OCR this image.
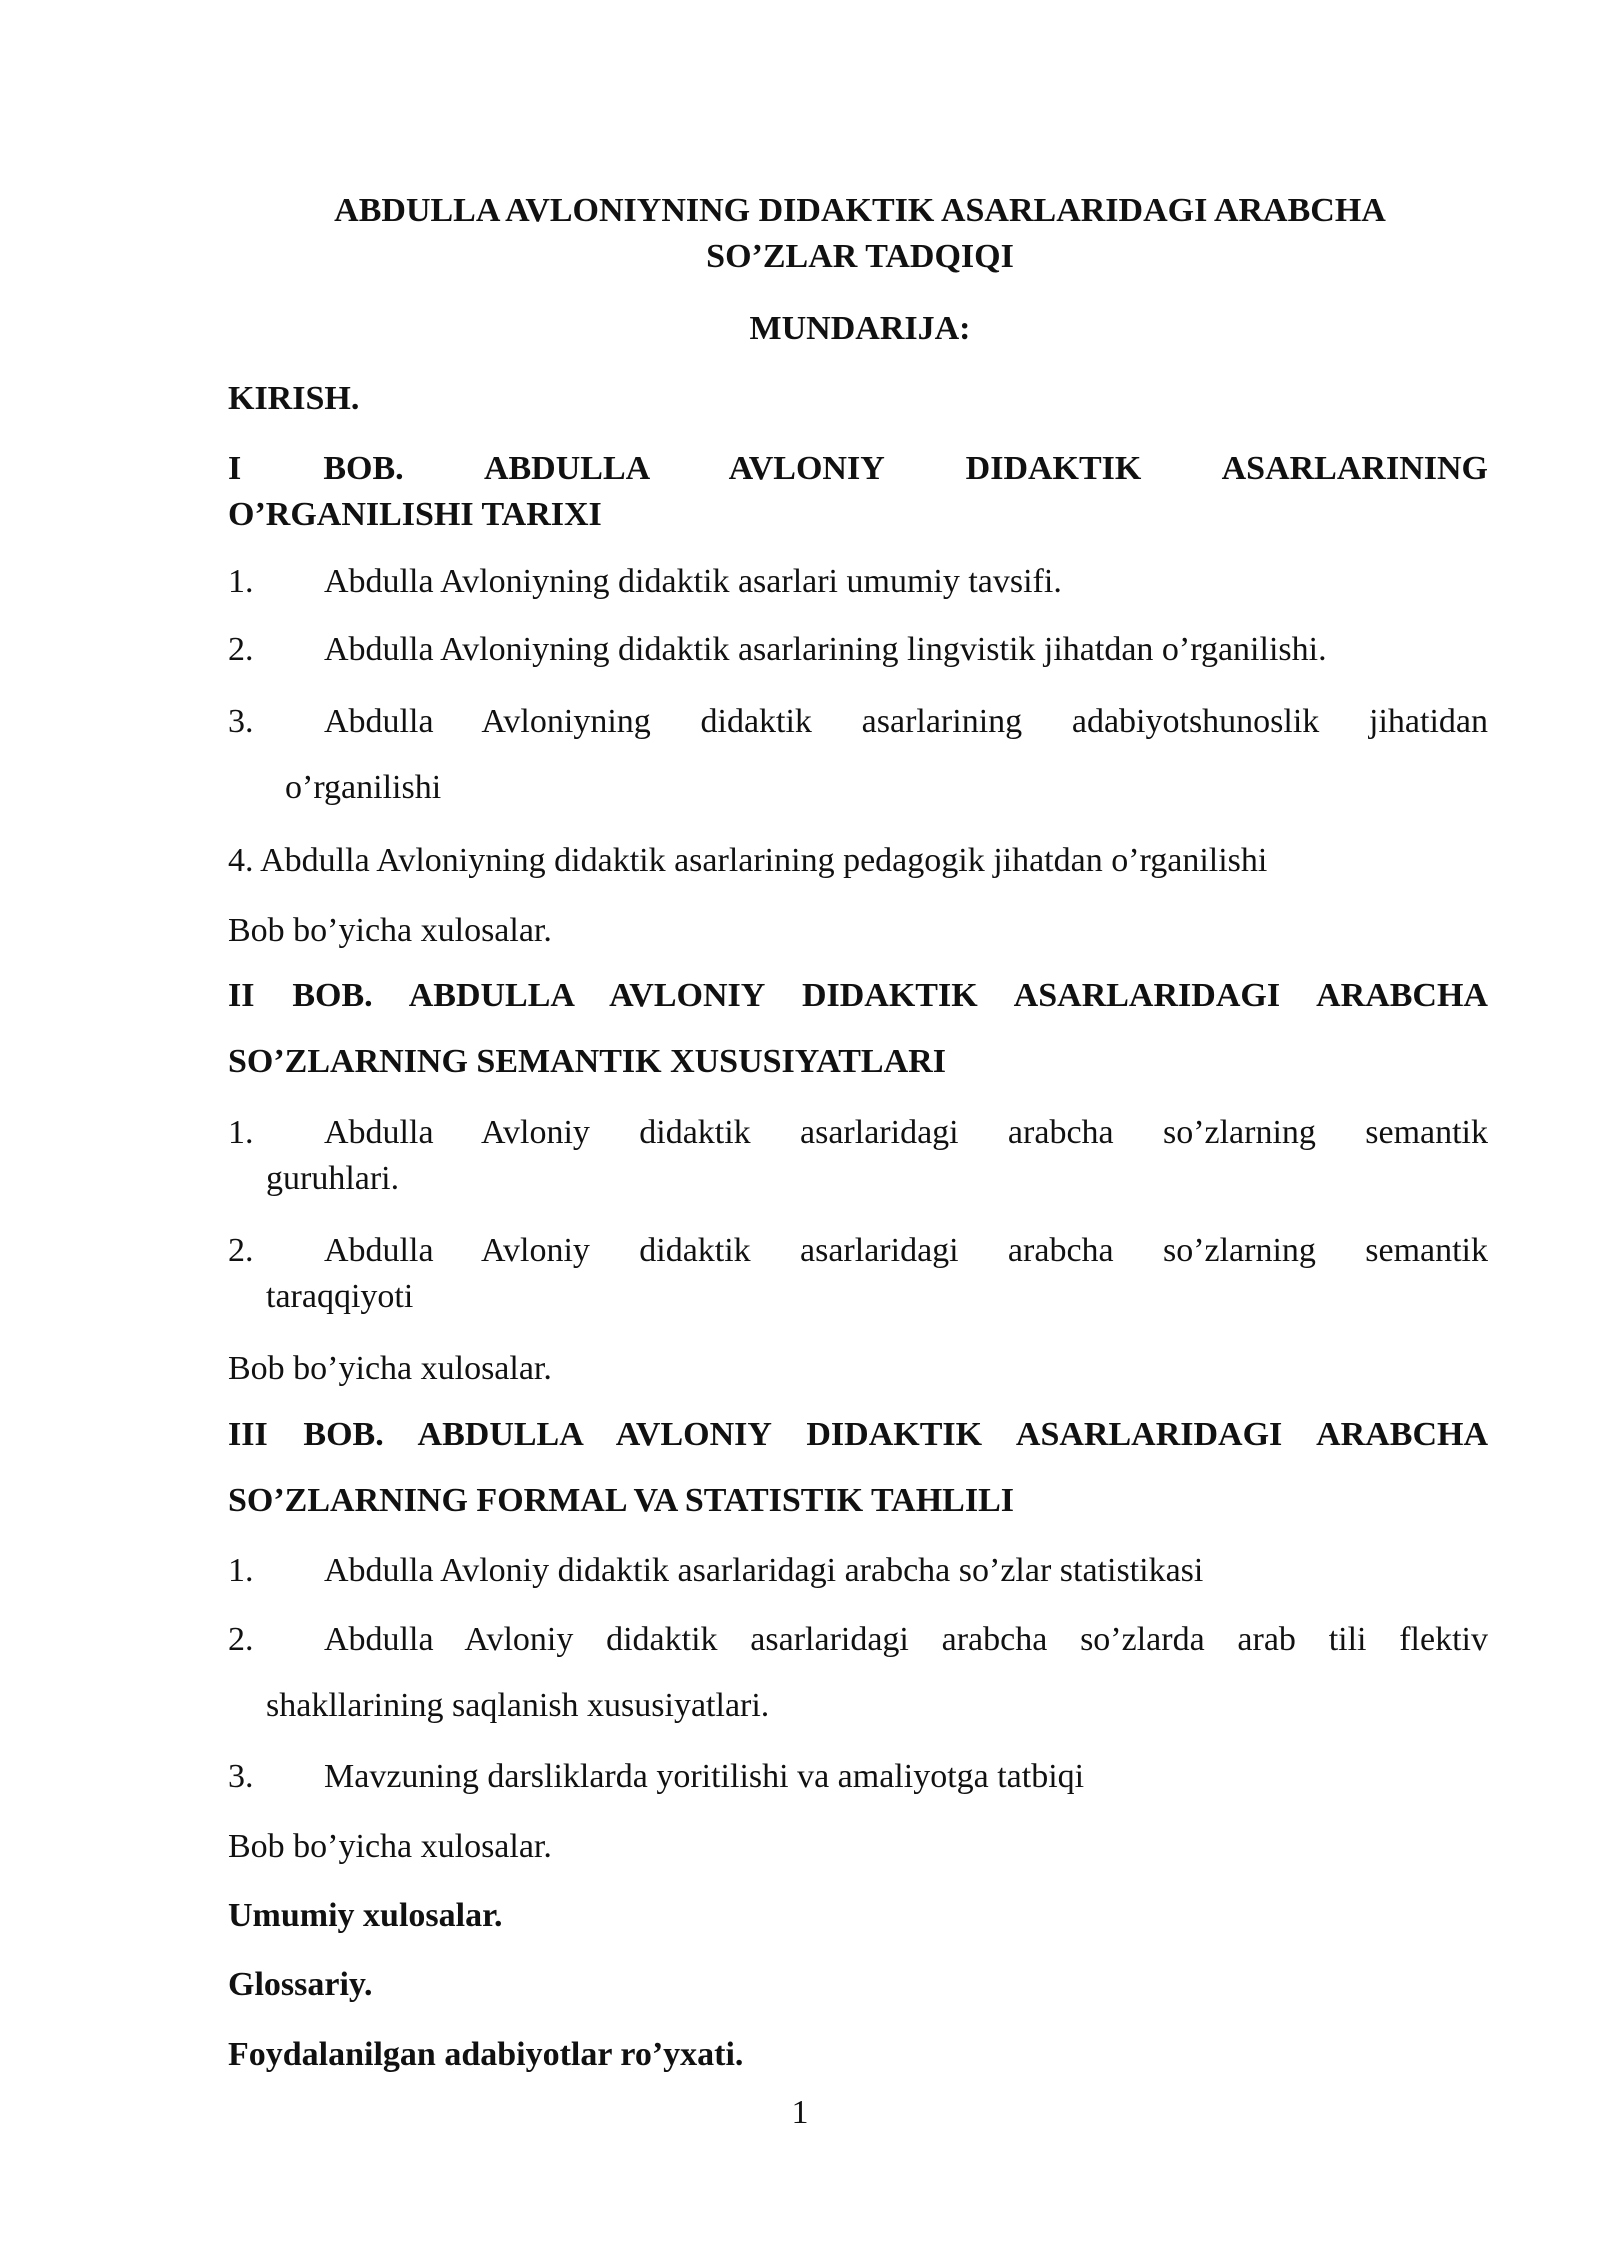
ABDULLA AVLONIYNING DIDAKTIK ASARLARIDAGI ARABCHA
SO’ZLAR TADQIQI
MUNDARIJA:
KIRISH.
I BOB. ABDULLA AVLONIY DIDAKTIK ASARLARINING
O’RGANILISHI TARIXI
1.	Abdulla Avloniyning didaktik asarlari umumiy tavsifi.
2.	Abdulla Avloniyning didaktik asarlarining lingvistik jihatdan o’rganilishi.
3.	Abdulla Avloniyning didaktik asarlarining adabiyotshunoslik jihatidan
o’rganilishi
4. Abdulla Avloniyning didaktik asarlarining pedagogik jihatdan o’rganilishi
Bob bo’yicha xulosalar.
II BOB. ABDULLA AVLONIY DIDAKTIK ASARLARIDAGI ARABCHA
SO’ZLARNING SEMANTIK XUSUSIYATLARI
1.	Abdulla Avloniy didaktik asarlaridagi arabcha so’zlarning semantik
guruhlari.
2.	Abdulla Avloniy didaktik asarlaridagi arabcha so’zlarning semantik
taraqqiyoti
Bob bo’yicha xulosalar.
III BOB. ABDULLA AVLONIY DIDAKTIK ASARLARIDAGI ARABCHA
SO’ZLARNING FORMAL VA STATISTIK TAHLILI
1.	Abdulla Avloniy didaktik asarlaridagi arabcha so’zlar statistikasi
2.	Abdulla Avloniy didaktik asarlaridagi arabcha so’zlarda arab tili flektiv
shakllarining saqlanish xususiyatlari.
3.	Mavzuning darsliklarda yoritilishi va amaliyotga tatbiqi
Bob bo’yicha xulosalar.
Umumiy xulosalar.
Glossariy.
Foydalanilgan adabiyotlar ro’yxati.
1
